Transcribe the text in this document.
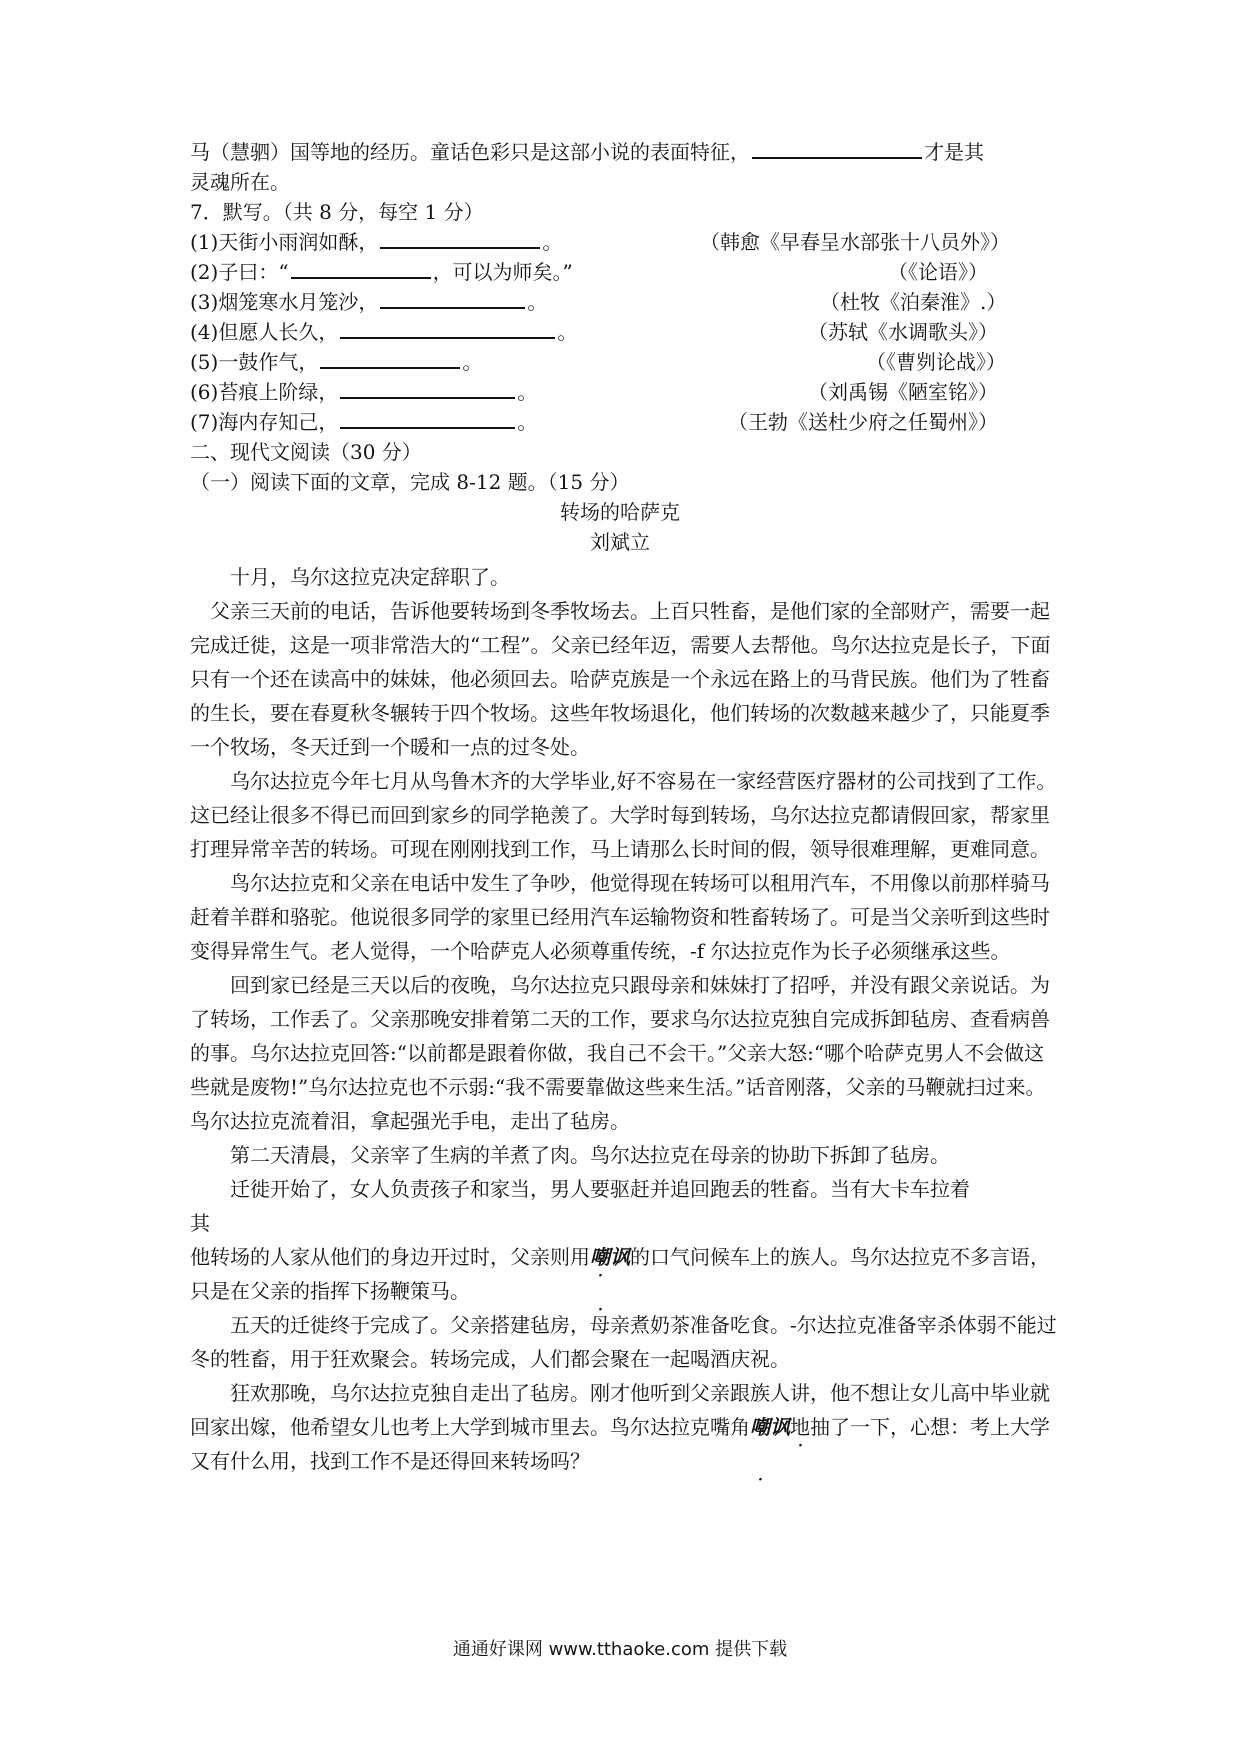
马（慧驷）国等地的经历。童话色彩只是这部小说的表面特征，	才是其
灵魂所在。
7．默写。（共 8 分，每空 1 分）
(1)天街小雨润如酥，	。	（韩愈《早春呈水部张十八员外》）
(2)子曰：“	，可以为师矣。”	（《论语》）
(3)烟笼寒水月笼沙，	。	（杜牧《泊秦淮》.）
(4)但愿人长久，	。	（苏轼《水调歌头》）
(5)一鼓作气，	。	（《曹刿论战》）
(6)苔痕上阶绿，	。	（刘禹锡《陋室铭》）
(7)海内存知己，	。	（王勃《送杜少府之任蜀州》）
二、现代文阅读（30 分）
（一）阅读下面的文章，完成 8-12 题。（15 分）
转场的哈萨克
刘斌立

十月，乌尔这拉克决定辞职了。

父亲三天前的电话，告诉他要转场到冬季牧场去。上百只牲畜，是他们家的全部财产，需要一起完成迁徙，这是一项非常浩大的“工程”。父亲已经年迈，需要人去帮他。鸟尔达拉克是长子，下面只有一个还在读高中的妹妹，他必须回去。哈萨克族是一个永远在路上的马背民族。他们为了牲畜的生长，要在春夏秋冬辗转于四个牧场。这些年牧场退化，他们转场的次数越来越少了，只能夏季一个牧场，冬天迁到一个暖和一点的过冬处。

乌尔达拉克今年七月从鸟鲁木齐的大学毕业,好不容易在一家经营医疗器材的公司找到了工作。这已经让很多不得已而回到家乡的同学艳羡了。大学时每到转场，乌尔达拉克都请假回家，帮家里打理异常辛苦的转场。可现在刚刚找到工作，马上请那么长时间的假，领导很难理解，更难同意。

鸟尔达拉克和父亲在电话中发生了争吵，他觉得现在转场可以租用汽车，不用像以前那样骑马赶着羊群和骆驼。他说很多同学的家里已经用汽车运输物资和牲畜转场了。可是当父亲听到这些时变得异常生气。老人觉得，一个哈萨克人必须尊重传统，-f 尔达拉克作为长子必须继承这些。

回到家已经是三天以后的夜晚，乌尔达拉克只跟母亲和妹妹打了招呼，并没有跟父亲说话。为了转场，工作丢了。父亲那晚安排着第二天的工作，要求乌尔达拉克独自完成拆卸毡房、查看病兽的事。乌尔达拉克回答:“以前都是跟着你做，我自己不会干。”父亲大怒:“哪个哈萨克男人不会做这些就是废物!”乌尔达拉克也不示弱:“我不需要靠做这些来生活。”话音刚落，父亲的马鞭就扫过来。鸟尔达拉克流着泪，拿起强光手电，走出了毡房。

第二天清晨，父亲宰了生病的羊煮了肉。鸟尔达拉克在母亲的协助下拆卸了毡房。

迁徙开始了，女人负责孩子和家当，男人要驱赶并追回跑丢的牲畜。当有大卡车拉着

其

他转场的人家从他们的身边开过时，父亲则用嘲讽 · ·的口气问候车上的族人。鸟尔达拉克不多言语，只是在父亲的指挥下扬鞭策马。

五天的迁徙终于完成了。父亲搭建毡房，母亲煮奶茶准备吃食。-尔达拉克准备宰杀体弱不能过冬的牲畜，用于狂欢聚会。转场完成，人们都会聚在一起喝酒庆祝。

狂欢那晚，乌尔达拉克独自走出了毡房。刚才他听到父亲跟族人讲，他不想让女儿高中毕业就回家出嫁，他希望女儿也考上大学到城市里去。鸟尔达拉克嘴角嘲讽 · ·地抽了一下，心想：考上大学又有什么用，找到工作不是还得回来转场吗？

通通好课网 www.tthaoke.com 提供下载
